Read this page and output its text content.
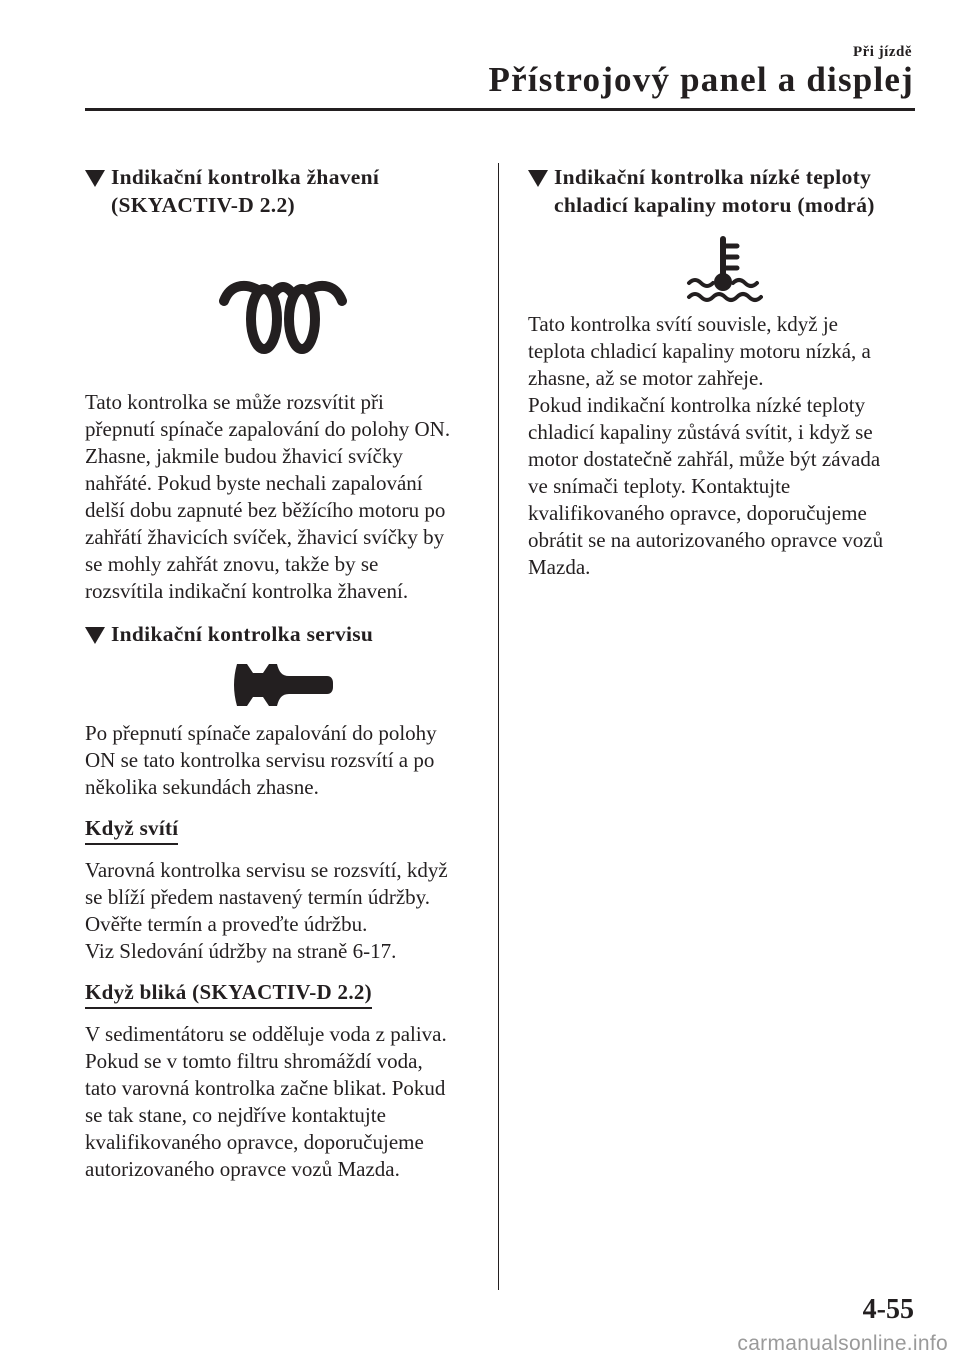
Při jízdě
Přístrojový panel a displej
Indikační kontrolka žhavení
(SKYACTIV-D 2.2)

Tato kontrolka se může rozsvítit při

přepnutí spínače zapalování do polohy ON.

Zhasne, jakmile budou žhavicí svíčky

nahřáté. Pokud byste nechali zapalování

delší dobu zapnuté bez běžícího motoru po

zahřátí žhavicích svíček, žhavicí svíčky by

se mohly zahřát znovu, takže by se

rozsvítila indikační kontrolka žhavení.

Indikační kontrolka servisu

Po přepnutí spínače zapalování do polohy

ON se tato kontrolka servisu rozsvítí a po

několika sekundách zhasne.

Když svítí

Varovná kontrolka servisu se rozsvítí, když

se blíží předem nastavený termín údržby.

Ověřte termín a proveďte údržbu.

Viz Sledování údržby na straně 6-17.

Když bliká (SKYACTIV-D 2.2)

V sedimentátoru se odděluje voda z paliva.

Pokud se v tomto filtru shromáždí voda,

tato varovná kontrolka začne blikat. Pokud

se tak stane, co nejdříve kontaktujte

kvalifikovaného opravce, doporučujeme

autorizovaného opravce vozů Mazda.

Indikační kontrolka nízké teploty
chladicí kapaliny motoru (modrá)

Tato kontrolka svítí souvisle, když je

teplota chladicí kapaliny motoru nízká, a

zhasne, až se motor zahřeje.

Pokud indikační kontrolka nízké teploty

chladicí kapaliny zůstává svítit, i když se

motor dostatečně zahřál, může být závada

ve snímači teploty. Kontaktujte

kvalifikovaného opravce, doporučujeme

obrátit se na autorizovaného opravce vozů

Mazda.

4-55
carmanualsonline.info
